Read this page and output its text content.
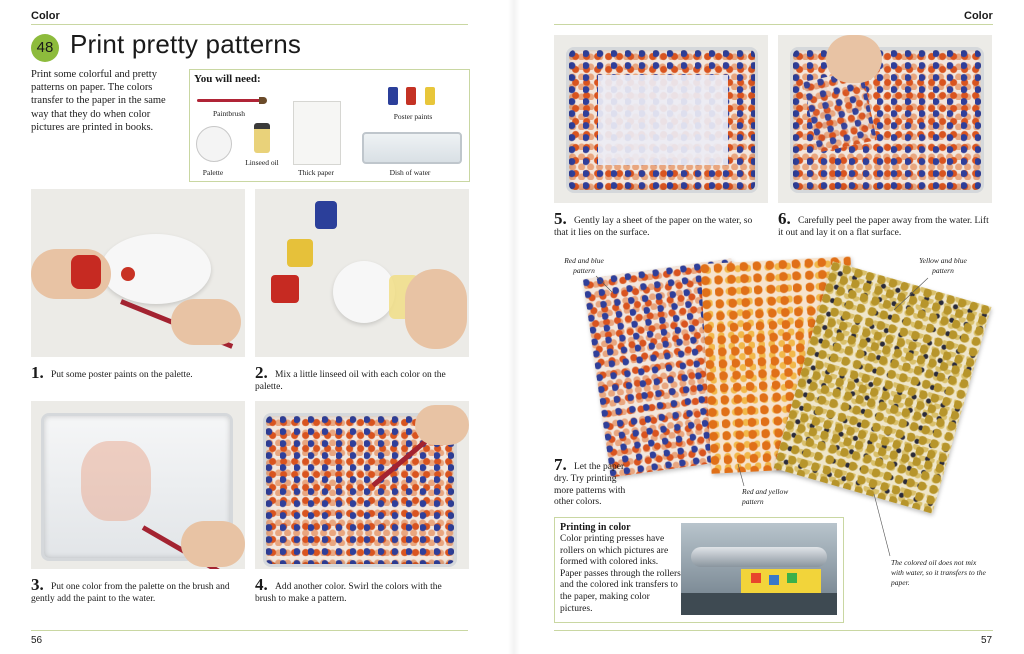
Color
48 Print pretty patterns
Print some colorful and pretty patterns on paper. The colors transfer to the paper in the same way that they do when color pictures are printed in books.
You will need:
Paintbrush
Palette
Linseed oil
Thick paper
Poster paints
Dish of water
1. Put some poster paints on the palette.	2. Mix a little linseed oil with each color on the palette.
3. Put one color from the palette on the brush and gently add the paint to the water.
4. Add another color. Swirl the colors with the brush to make a pattern.
56
Color
5. Gently lay a sheet of the paper on the water, so that it lies on the surface.
6. Carefully peel the paper away from the water. Lift it out and lay it on a flat surface.
Red and blue pattern
Yellow and blue pattern
Red and yellow pattern
The colored oil does not mix with water, so it transfers to the paper.
7. Let the paper dry. Try printing more patterns with other colors.
Printing in color
Color printing presses have rollers on which pictures are formed with colored inks. Paper passes through the rollers and the colored ink transfers to the paper, making color pictures.
57
